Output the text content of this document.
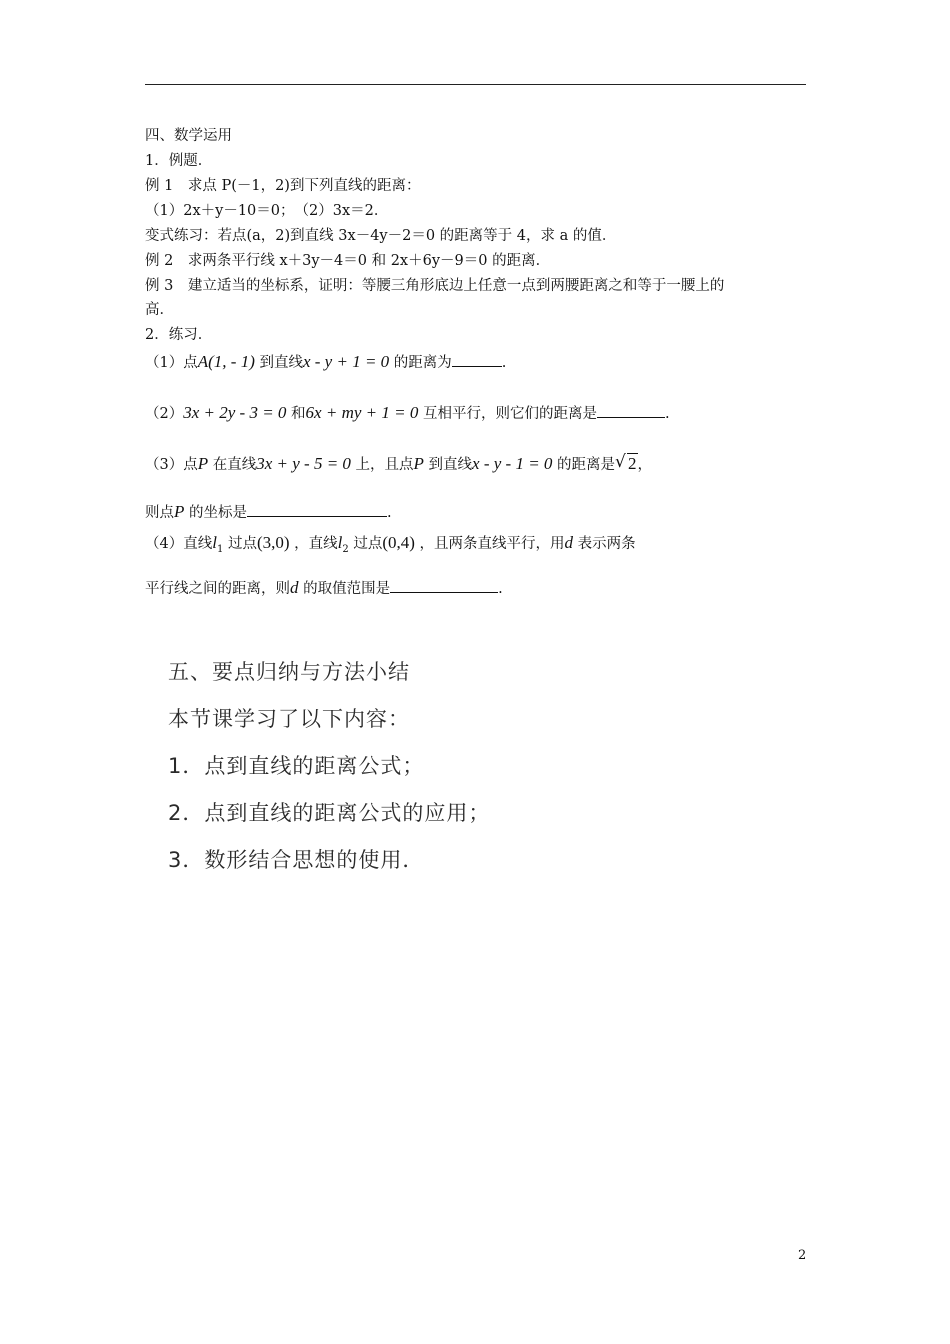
四、数学运用
1．例题．
例 1　求点 P(－1，2)到下列直线的距离：
（1）2x＋y－10＝0；　（2）3x＝2．
变式练习：若点(a，2)到直线 3x－4y－2＝0 的距离等于 4，求 a 的值．
例 2　求两条平行线 x＋3y－4＝0 和 2x＋6y－9＝0 的距离．
例 3　建立适当的坐标系，证明：等腰三角形底边上任意一点到两腰距离之和等于一腰上的
高．
2．练习．
（1）点A(1, - 1) 到直线x - y + 1 = 0 的距离为	.
（2）3x + 2y - 3 = 0 和6x + my + 1 = 0 互相平行，则它们的距离是	.
（3）点P 在直线3x + y - 5 = 0 上，且点P 到直线x - y - 1 = 0 的距离是 √ 2，
则点P 的坐标是	.
（4）直线$l_1$ 过点(3,0) ，直线$l_2$ 过点(0,4) ，且两条直线平行，用d 表示两条
平行线之间的距离，则d 的取值范围是	.
五、要点归纳与方法小结
本节课学习了以下内容：
1．点到直线的距离公式；
2．点到直线的距离公式的应用；
3．数形结合思想的使用．
2
